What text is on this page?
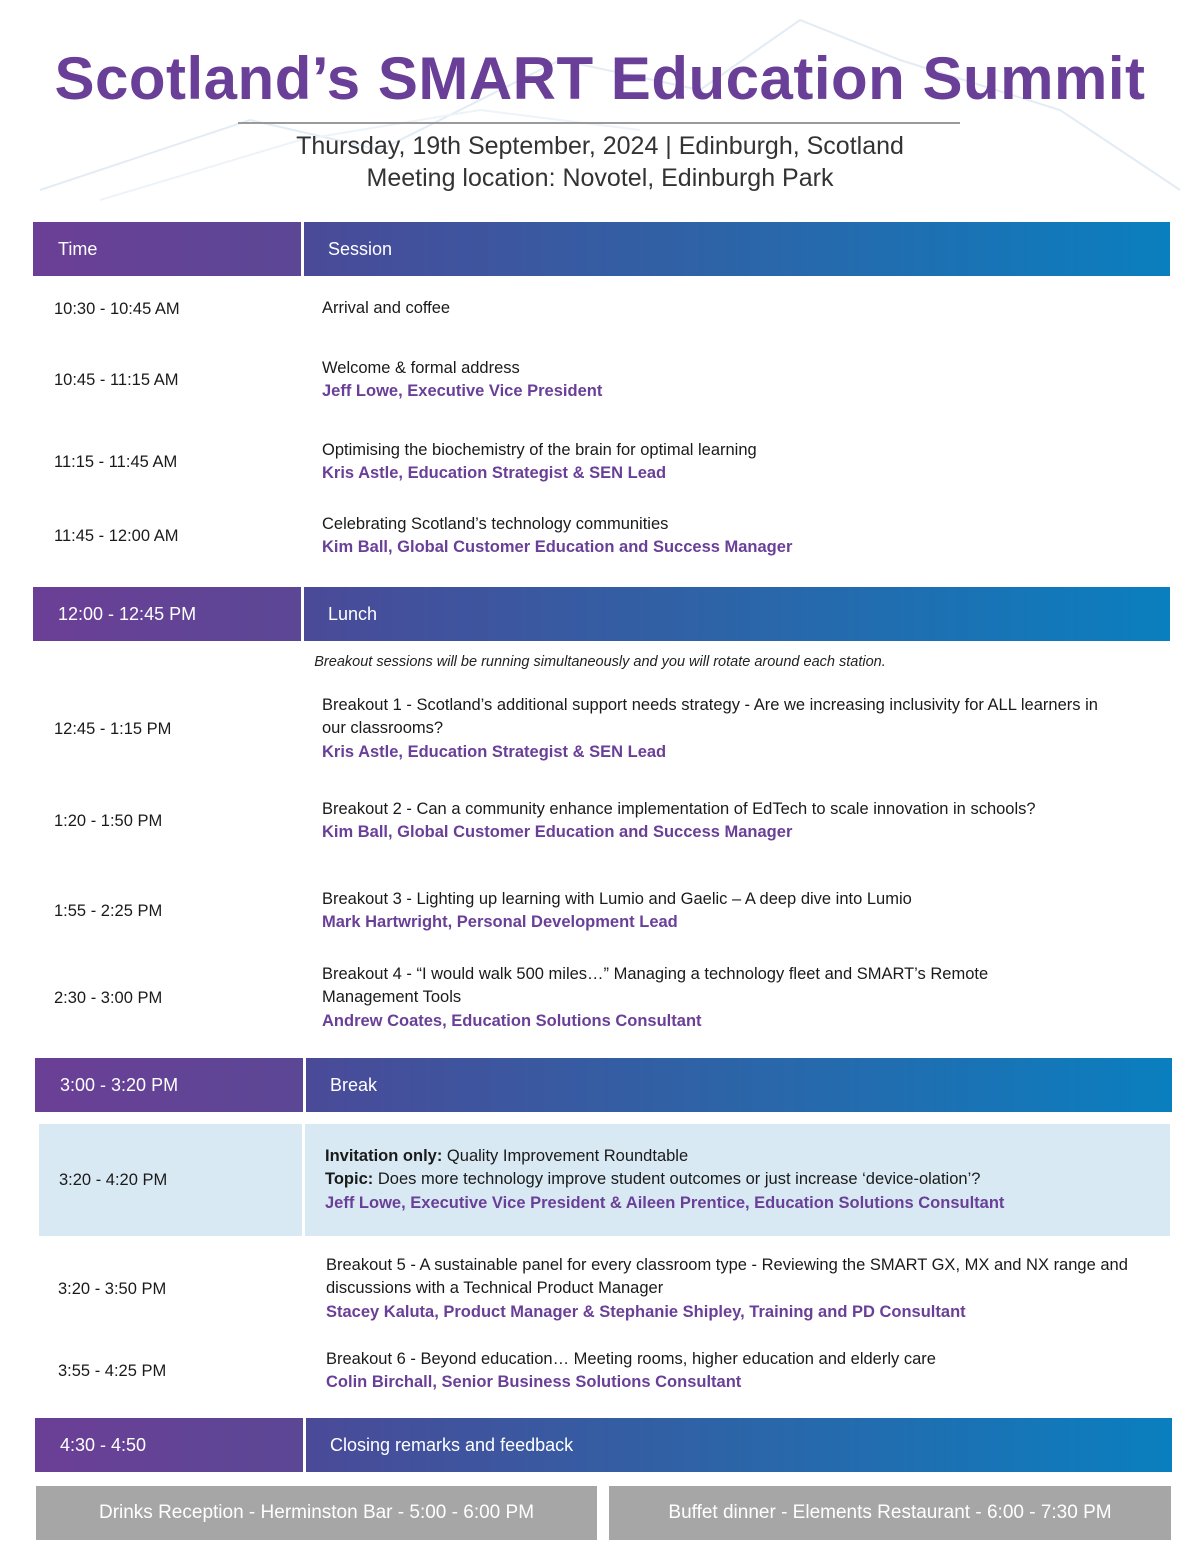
Scotland’s SMART Education Summit
Thursday, 19th September, 2024 | Edinburgh, Scotland
Meeting location: Novotel, Edinburgh Park
Time	Session
10:30 - 10:45 AM	Arrival and coffee
10:45 - 11:15 AM
Welcome & formal address
Jeff Lowe, Executive Vice President
11:15 - 11:45 AM
Optimising the biochemistry of the brain for optimal learning
Kris Astle, Education Strategist & SEN Lead
11:45 - 12:00 AM
Celebrating Scotland’s technology communities
Kim Ball, Global Customer Education and Success Manager
12:00 - 12:45 PM	Lunch
Breakout sessions will be running simultaneously and you will rotate around each station.
12:45 - 1:15 PM
Breakout 1 - Scotland’s additional support needs strategy - Are we increasing inclusivity for ALL learners in our classrooms?
Kris Astle, Education Strategist & SEN Lead
1:20 - 1:50 PM
Breakout 2 - Can a community enhance implementation of EdTech to scale innovation in schools?
Kim Ball, Global Customer Education and Success Manager
1:55 - 2:25 PM
Breakout 3 - Lighting up learning with Lumio and Gaelic – A deep dive into Lumio
Mark Hartwright, Personal Development Lead
2:30 - 3:00 PM
Breakout 4 - “I would walk 500 miles…” Managing a technology fleet and SMART’s Remote Management Tools
Andrew Coates, Education Solutions Consultant
3:00 - 3:20 PM	Break
3:20 - 4:20 PM
Invitation only: Quality Improvement Roundtable
Topic: Does more technology improve student outcomes or just increase ‘device-olation’?
Jeff Lowe, Executive Vice President & Aileen Prentice, Education Solutions Consultant
3:20 - 3:50 PM
Breakout 5 - A sustainable panel for every classroom type - Reviewing the SMART GX, MX and NX range and discussions with a Technical Product Manager
Stacey Kaluta, Product Manager & Stephanie Shipley, Training and PD Consultant
3:55 - 4:25 PM
Breakout 6 - Beyond education… Meeting rooms, higher education and elderly care
Colin Birchall, Senior Business Solutions Consultant
4:30 - 4:50	Closing remarks and feedback
Drinks Reception - Herminston Bar - 5:00 - 6:00 PM	Buffet dinner - Elements Restaurant - 6:00 - 7:30 PM
